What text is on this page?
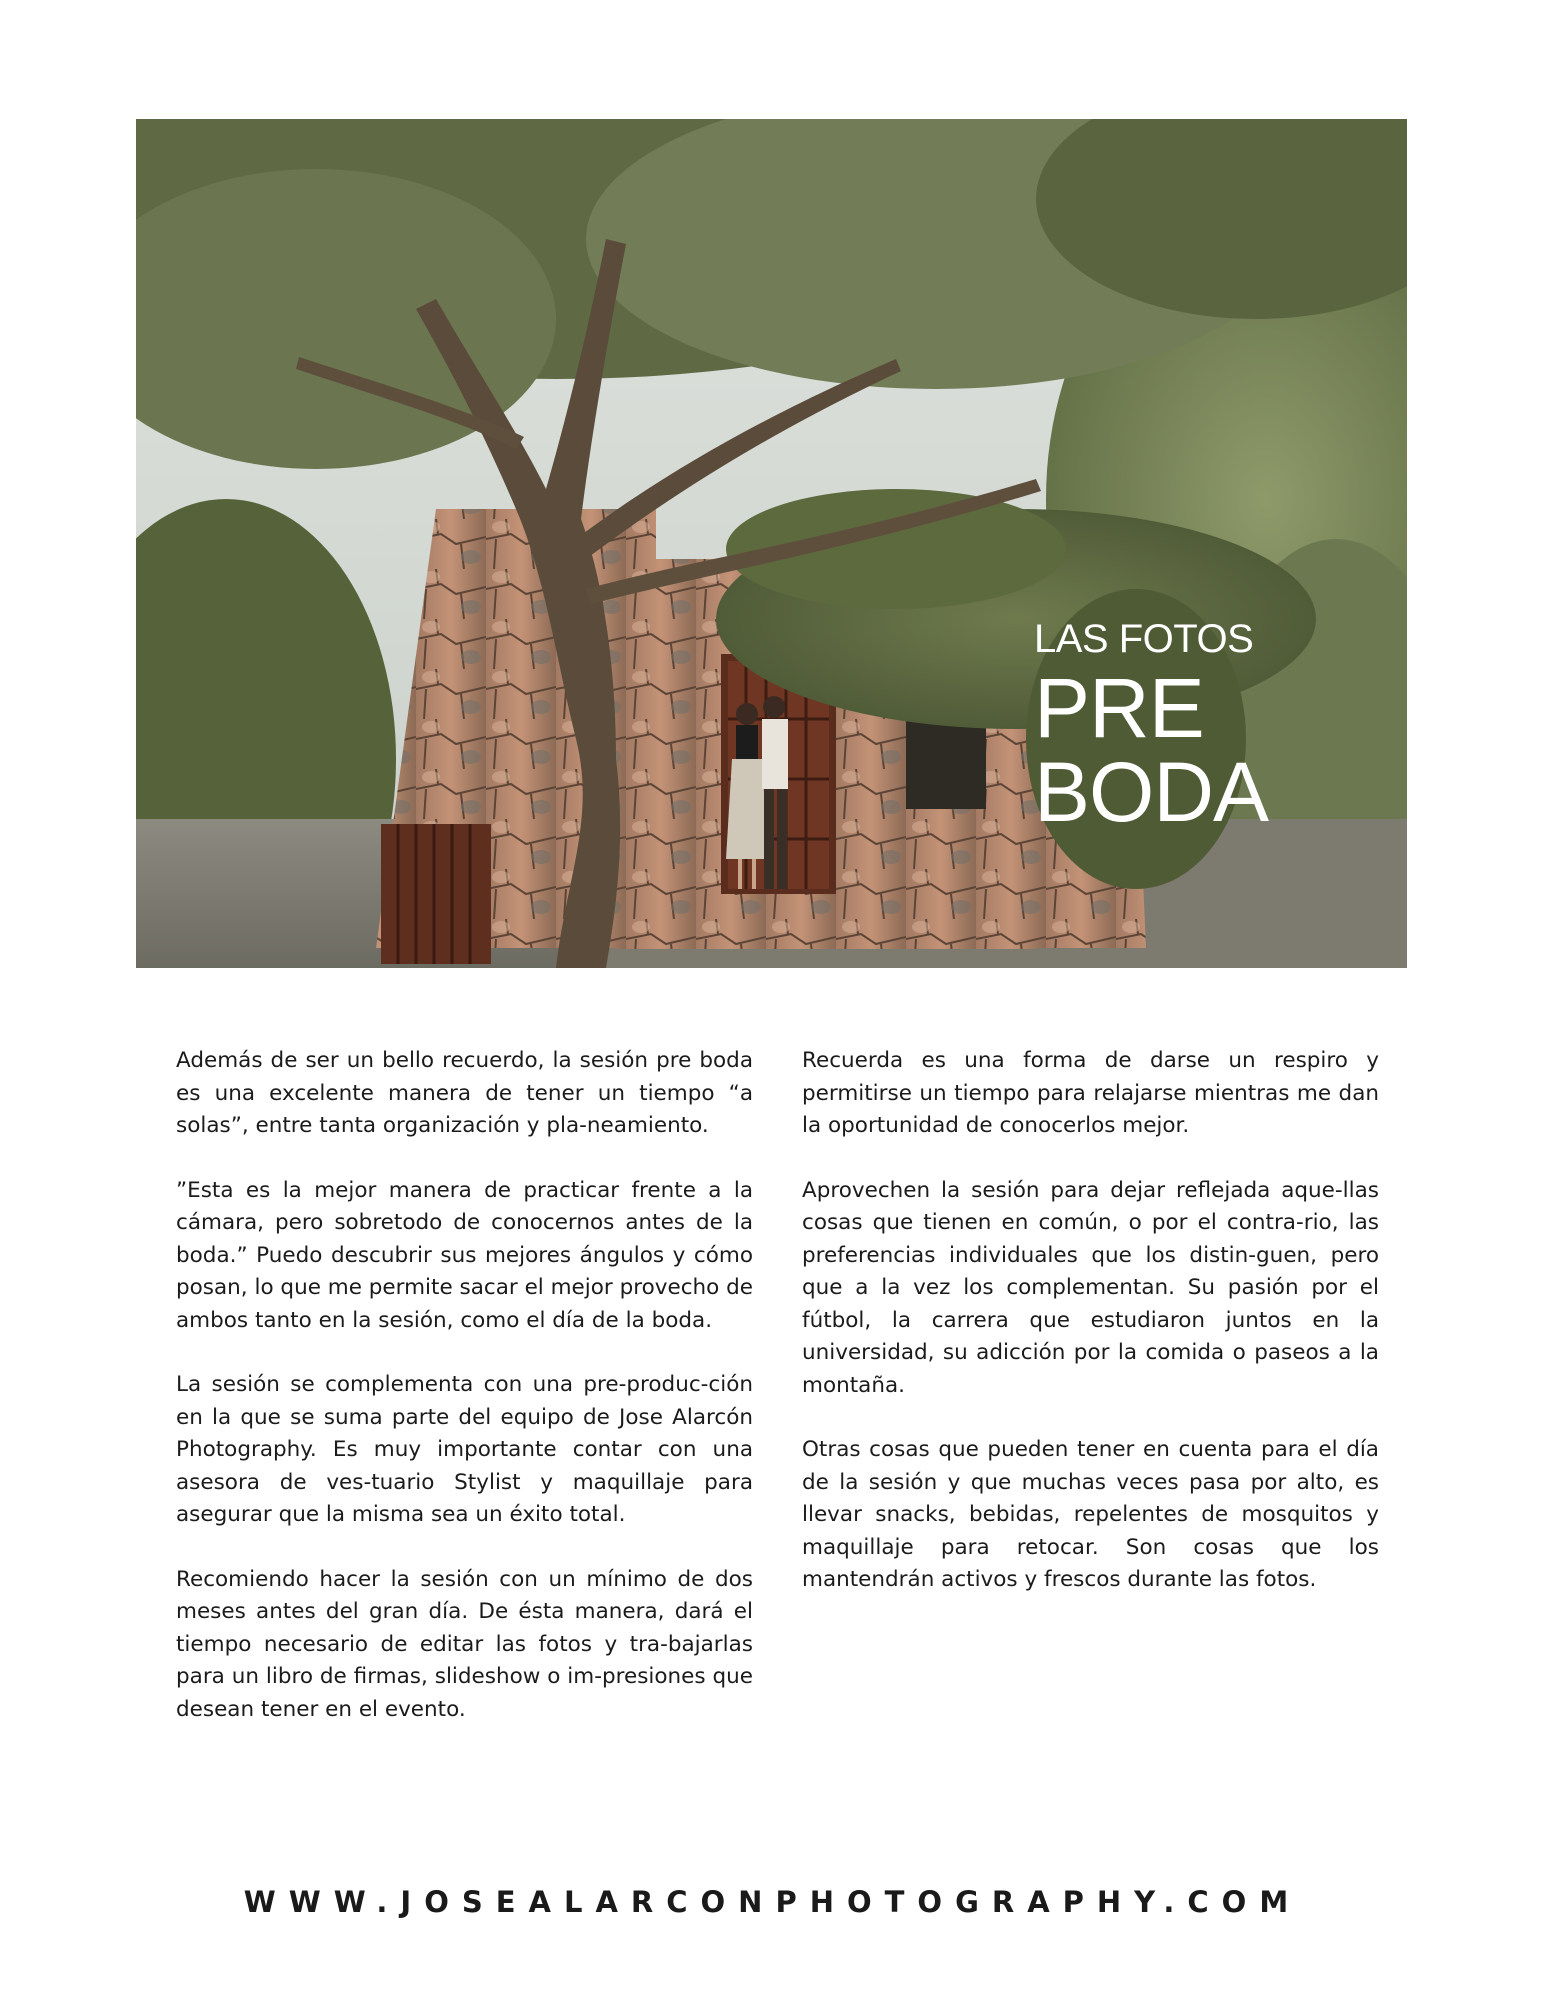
LAS FOTOS
PRE BODA

Además de ser un bello recuerdo, la sesión pre boda es una excelente manera de tener un tiempo “a solas”, entre tanta organización y pla-neamiento.

”Esta es la mejor manera de practicar frente a la cámara, pero sobretodo de conocernos antes de la boda.” Puedo descubrir sus mejores ángulos y cómo posan, lo que me permite sacar el mejor provecho de ambos tanto en la sesión, como el día de la boda.

La sesión se complementa con una pre-produc-ción en la que se suma parte del equipo de Jose Alarcón Photography. Es muy importante contar con una asesora de ves-tuario Stylist y maquillaje para asegurar que la misma sea un éxito total.

Recomiendo hacer la sesión con un mínimo de dos meses antes del gran día. De ésta manera, dará el tiempo necesario de editar las fotos y tra-bajarlas para un libro de firmas, slideshow o im-presiones que desean tener en el evento.

Recuerda es una forma de darse un respiro y permitirse un tiempo para relajarse mientras me dan la oportunidad de conocerlos mejor.

Aprovechen la sesión para dejar reflejada aque-llas cosas que tienen en común, o por el contra-rio, las preferencias individuales que los distin-guen, pero que a la vez los complementan. Su pasión por el fútbol, la carrera que estudiaron juntos en la universidad, su adicción por la comida o paseos a la montaña.

Otras cosas que pueden tener en cuenta para el día de la sesión y que muchas veces pasa por alto, es llevar snacks, bebidas, repelentes de mosquitos y maquillaje para retocar. Son cosas que los mantendrán activos y frescos durante las fotos.

WWW.JOSEALARCONPHOTOGRAPHY.COM
